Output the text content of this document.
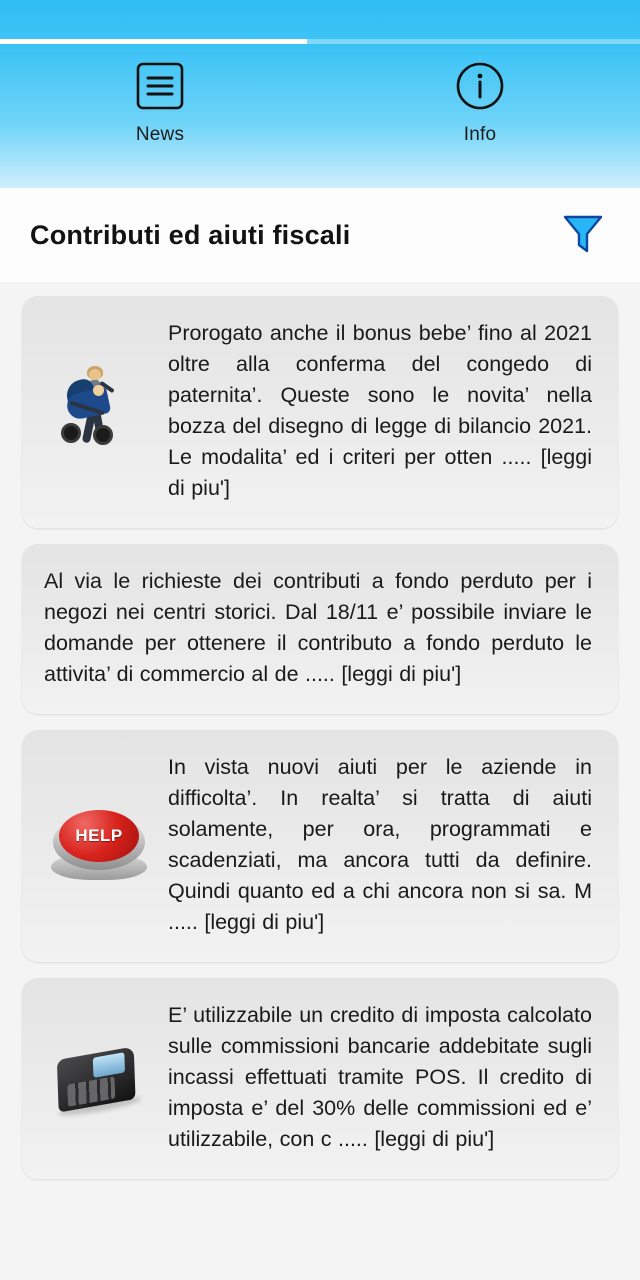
News	Info
Contributi ed aiuti fiscali
Prorogato anche il bonus bebe’ fino al 2021 oltre alla conferma del congedo di paternita’. Queste sono le novita’ nella bozza del disegno di legge di bilancio 2021. Le modalita’ ed i criteri per otten ..... [leggi di piu']
Al via le richieste dei contributi a fondo perduto per i negozi nei centri storici. Dal 18/11 e’ possibile inviare le domande per ottenere il contributo a fondo perduto le attivita’ di commercio al de ..... [leggi di piu']
HELP
In vista nuovi aiuti per le aziende in difficolta’. In realta’ si tratta di aiuti solamente, per ora, programmati e scadenziati, ma ancora tutti da definire. Quindi quanto ed a chi ancora non si sa. M ..... [leggi di piu']
E’ utilizzabile un credito di imposta calcolato sulle commissioni bancarie addebitate sugli incassi effettuati tramite POS. Il credito di imposta e’ del 30% delle commissioni ed e’ utilizzabile, con c ..... [leggi di piu']
